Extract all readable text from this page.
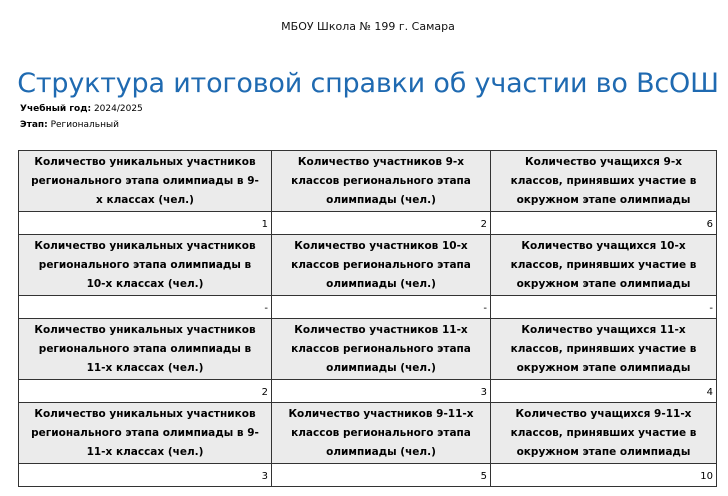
МБОУ Школа № 199 г. Самара
Структура итоговой справки об участии во ВсОШ
Учебный год: 2024/2025
Этап: Региональный
Количество уникальных участников регионального этапа олимпиады в 9-х классах (чел.)	Количество участников 9-х классов регионального этапа олимпиады (чел.)	Количество учащихся 9-х классов, принявших участие в окружном этапе олимпиады
1	2	6
Количество уникальных участников регионального этапа олимпиады в 10-х классах (чел.)	Количество участников 10-х классов регионального этапа олимпиады (чел.)	Количество учащихся 10-х классов, принявших участие в окружном этапе олимпиады
-	-	-
Количество уникальных участников регионального этапа олимпиады в 11-х классах (чел.)	Количество участников 11-х классов регионального этапа олимпиады (чел.)	Количество учащихся 11-х классов, принявших участие в окружном этапе олимпиады
2	3	4
Количество уникальных участников регионального этапа олимпиады в 9-11-х классах (чел.)	Количество участников 9-11-х классов регионального этапа олимпиады (чел.)	Количество учащихся 9-11-х классов, принявших участие в окружном этапе олимпиады
3	5	10
